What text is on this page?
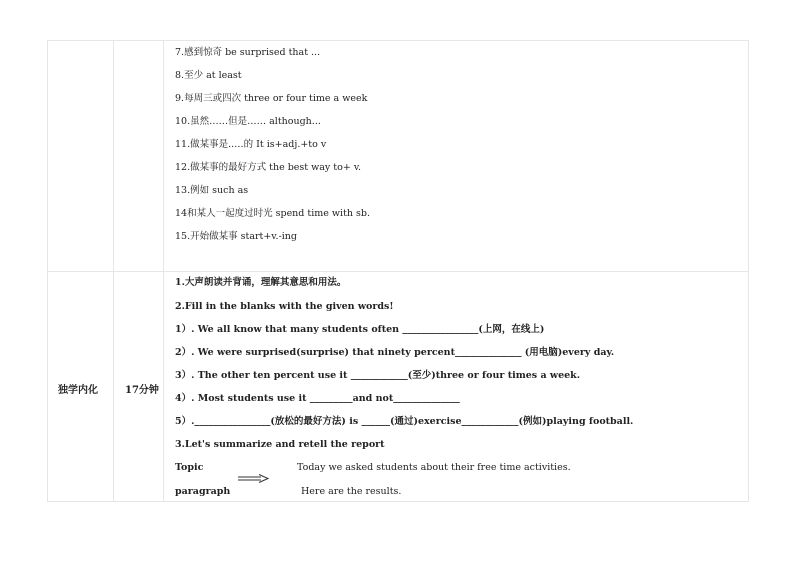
7.感到惊奇 be surprised that ...
8.至少 at least
9.每周三或四次 three or four time a week
10.虽然……但是…… although...
11.做某事是..…的 It is+adj.+to v
12.做某事的最好方式 the best way to+ v.
13.例如 such as
14和某人一起度过时光 spend time with sb.
15.开始做某事 start+v.-ing
独学内化	17分钟
1.大声朗读并背诵，理解其意思和用法。
2.Fill in the blanks with the given words!
1）. We all know that many students often ________________(上网，在线上)
2）. We were surprised(surprise) that ninety percent______________ (用电脑)every day.
3）. The other ten percent use it ____________(至少)three or four times a week.
4）. Most students use it _________and not______________
5）.________________(放松的最好方法) is ______(通过)exercise____________(例如)playing football.
3.Let's summarize and retell the report
Topic	Today we asked students about their free time activities.
paragraph	Here are the results.
